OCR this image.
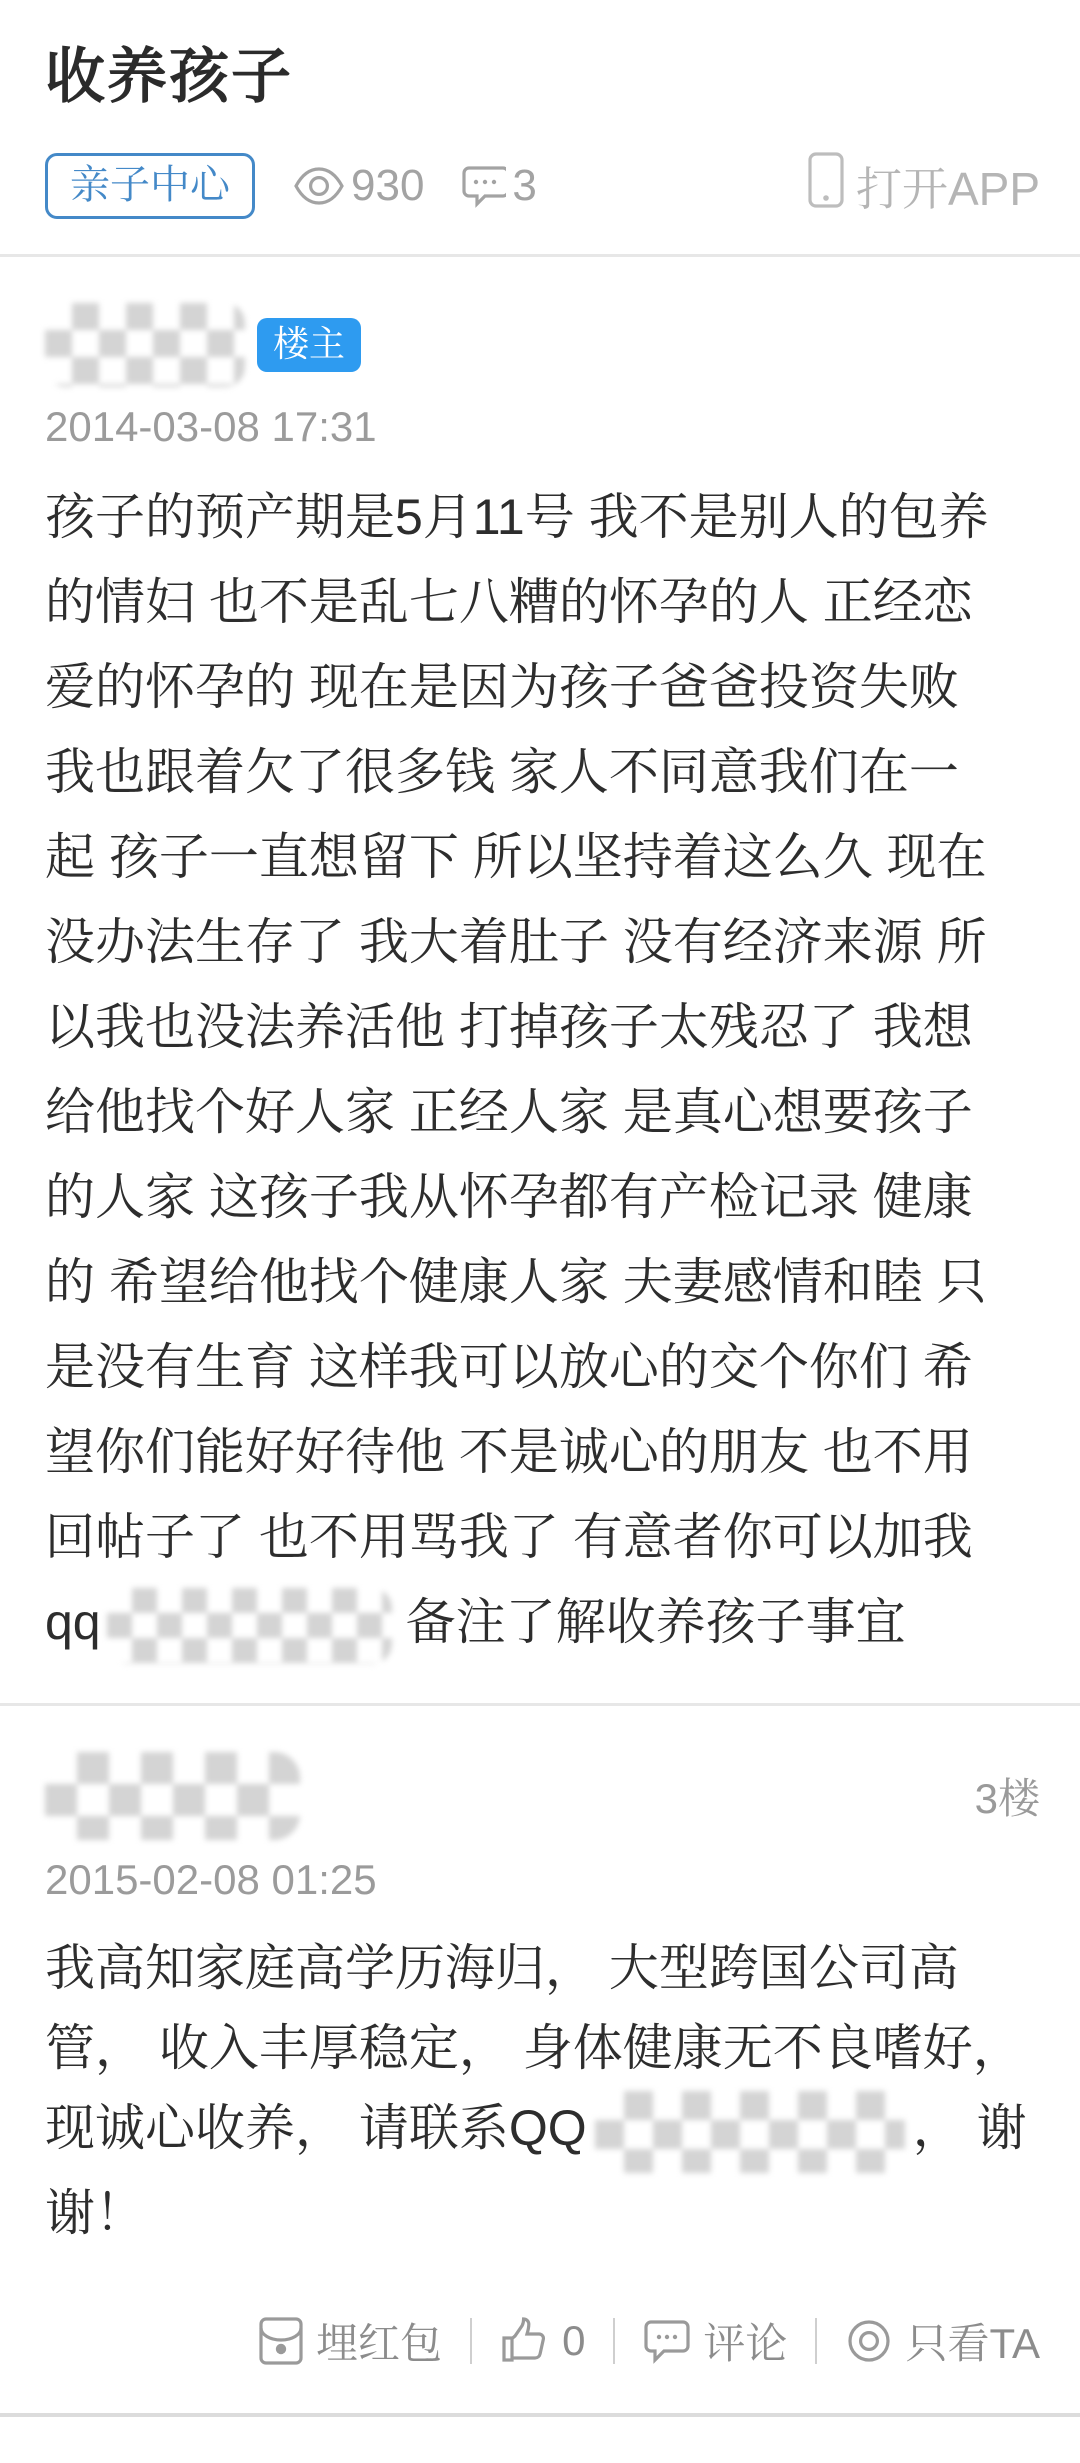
收养孩子
亲子中心	930 3	打开APP
楼主
2014-03-08 17:31
孩子的预产期是5月11号 我不是别人的包养
的情妇 也不是乱七八糟的怀孕的人 正经恋
爱的怀孕的 现在是因为孩子爸爸投资失败
我也跟着欠了很多钱 家人不同意我们在一
起 孩子一直想留下 所以坚持着这么久 现在
没办法生存了 我大着肚子 没有经济来源 所
以我也没法养活他 打掉孩子太残忍了 我想
给他找个好人家 正经人家 是真心想要孩子
的人家 这孩子我从怀孕都有产检记录 健康
的 希望给他找个健康人家 夫妻感情和睦 只
是没有生育 这样我可以放心的交个你们 希
望你们能好好待他 不是诚心的朋友 也不用
回帖子了 也不用骂我了 有意者你可以加我
qq	备注了解收养孩子事宜
3楼
2015-02-08 01:25
我高知家庭高学历海归， 大型跨国公司高
管， 收入丰厚稳定， 身体健康无不良嗜好，
现诚心收养， 请联系QQ	， 谢
谢！
埋红包	0	评论	只看TA
